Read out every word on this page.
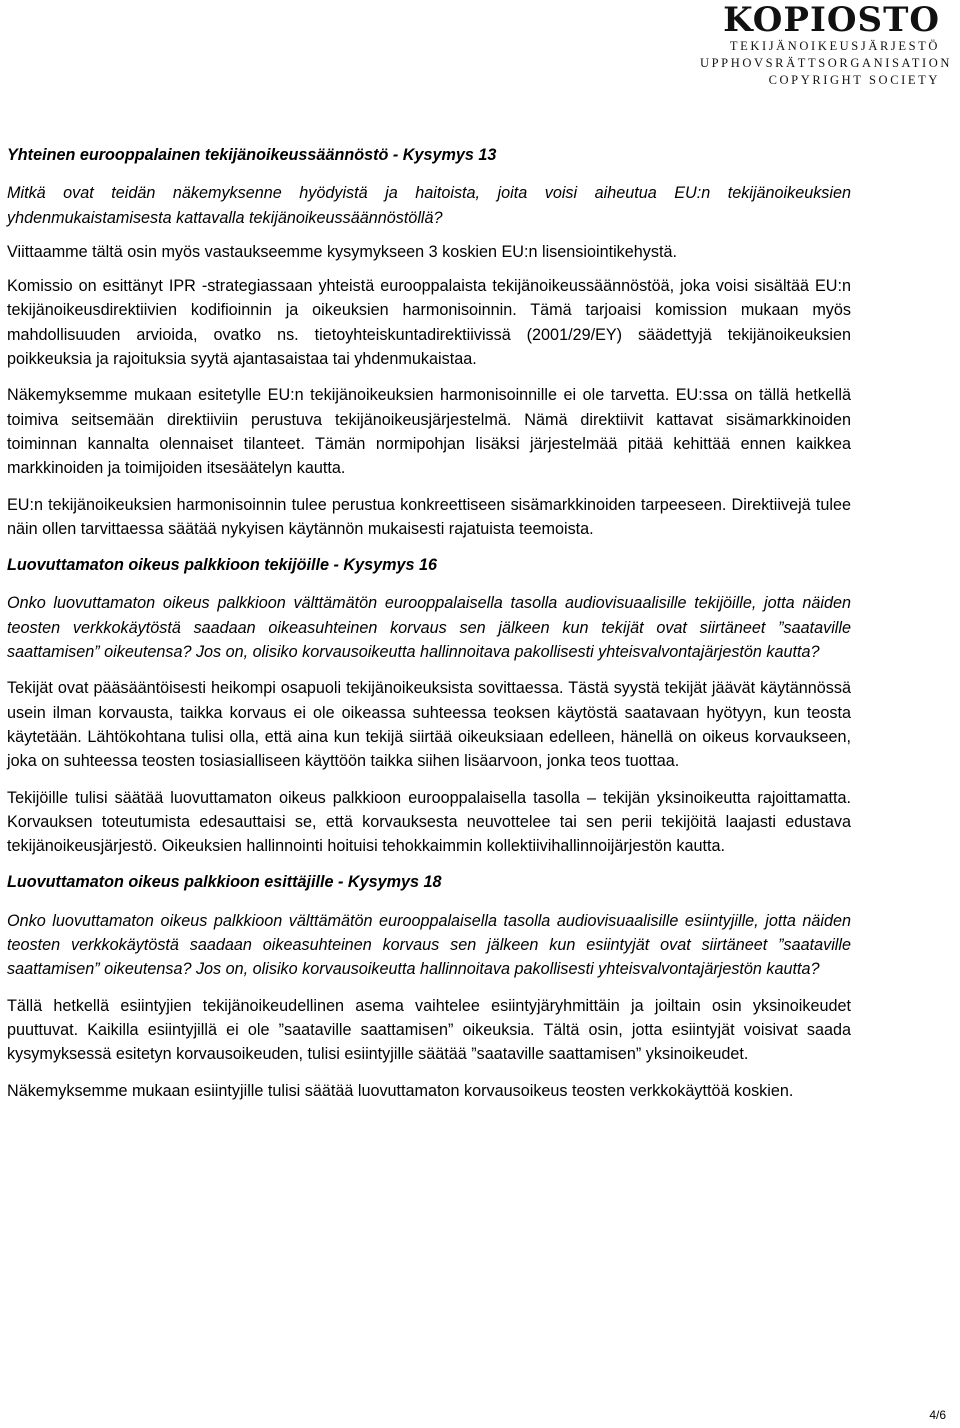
KOPIOSTO
TEKIJÄNOIKEUSJÄRJESTÖ
UPPHOVSRÄTTSORGANISATION
COPYRIGHT SOCIETY

Yhteinen eurooppalainen tekijänoikeussäännöstö - Kysymys 13

Mitkä ovat teidän näkemyksenne hyödyistä ja haitoista, joita voisi aiheutua EU:n tekijänoikeuksien yhdenmukaistamisesta kattavalla tekijänoikeussäännöstöllä?

Viittaamme tältä osin myös vastaukseemme kysymykseen 3 koskien EU:n lisensiointikehystä.

Komissio on esittänyt IPR -strategiassaan yhteistä eurooppalaista tekijänoikeussäännöstöä, joka voisi sisältää EU:n tekijänoikeusdirektiivien kodifioinnin ja oikeuksien harmonisoinnin. Tämä tarjoaisi komission mukaan myös mahdollisuuden arvioida, ovatko ns. tietoyhteiskuntadirektiivissä (2001/29/EY) säädettyjä tekijänoikeuksien poikkeuksia ja rajoituksia syytä ajantasaistaa tai yhdenmukaistaa.

Näkemyksemme mukaan esitetylle EU:n tekijänoikeuksien harmonisoinnille ei ole tarvetta. EU:ssa on tällä hetkellä toimiva seitsemään direktiiviin perustuva tekijänoikeusjärjestelmä. Nämä direktiivit kattavat sisämarkkinoiden toiminnan kannalta olennaiset tilanteet. Tämän normipohjan lisäksi järjestelmää pitää kehittää ennen kaikkea markkinoiden ja toimijoiden itsesäätelyn kautta.

EU:n tekijänoikeuksien harmonisoinnin tulee perustua konkreettiseen sisämarkkinoiden tarpeeseen. Direktiivejä tulee näin ollen tarvittaessa säätää nykyisen käytännön mukaisesti rajatuista teemoista.

Luovuttamaton oikeus palkkioon tekijöille - Kysymys 16

Onko luovuttamaton oikeus palkkioon välttämätön eurooppalaisella tasolla audiovisuaalisille tekijöille, jotta näiden teosten verkkokäytöstä saadaan oikeasuhteinen korvaus sen jälkeen kun tekijät ovat siirtäneet ”saataville saattamisen” oikeutensa? Jos on, olisiko korvausoikeutta hallinnoitava pakollisesti yhteisvalvontajärjestön kautta?

Tekijät ovat pääsääntöisesti heikompi osapuoli tekijänoikeuksista sovittaessa. Tästä syystä tekijät jäävät käytännössä usein ilman korvausta, taikka korvaus ei ole oikeassa suhteessa teoksen käytöstä saatavaan hyötyyn, kun teosta käytetään. Lähtökohtana tulisi olla, että aina kun tekijä siirtää oikeuksiaan edelleen, hänellä on oikeus korvaukseen, joka on suhteessa teosten tosiasialliseen käyttöön taikka siihen lisäarvoon, jonka teos tuottaa.

Tekijöille tulisi säätää luovuttamaton oikeus palkkioon eurooppalaisella tasolla – tekijän yksinoikeutta rajoittamatta. Korvauksen toteutumista edesauttaisi se, että korvauksesta neuvottelee tai sen perii tekijöitä laajasti edustava tekijänoikeusjärjestö. Oikeuksien hallinnointi hoituisi tehokkaimmin kollektiivihallinnoijärjestön kautta.

Luovuttamaton oikeus palkkioon esittäjille - Kysymys 18

Onko luovuttamaton oikeus palkkioon välttämätön eurooppalaisella tasolla audiovisuaalisille esiintyjille, jotta näiden teosten verkkokäytöstä saadaan oikeasuhteinen korvaus sen jälkeen kun esiintyjät ovat siirtäneet ”saataville saattamisen” oikeutensa? Jos on, olisiko korvausoikeutta hallinnoitava pakollisesti yhteisvalvontajärjestön kautta?

Tällä hetkellä esiintyjien tekijänoikeudellinen asema vaihtelee esiintyjäryhmittäin ja joiltain osin yksinoikeudet puuttuvat. Kaikilla esiintyjillä ei ole ”saataville saattamisen” oikeuksia. Tältä osin, jotta esiintyjät voisivat saada kysymyksessä esitetyn korvausoikeuden, tulisi esiintyjille säätää ”saataville saattamisen” yksinoikeudet.

Näkemyksemme mukaan esiintyjille tulisi säätää luovuttamaton korvausoikeus teosten verkkokäyttöä koskien.

4/6
